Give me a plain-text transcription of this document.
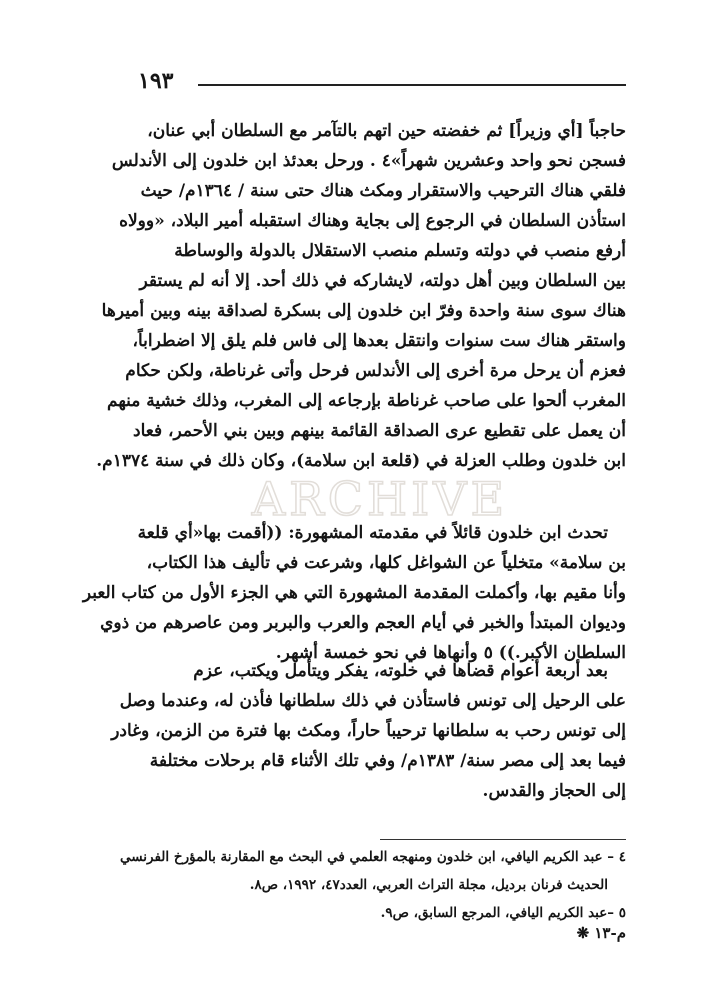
١٩٣
حاجباً [أي وزيراً] ثم خفضته حين اتهم بالتآمر مع السلطان أبي عنان،
فسجن نحو واحد وعشرين شهراً»٤ . ورحل بعدئذ ابن خلدون إلى الأندلس
فلقي هناك الترحيب والاستقرار ومكث هناك حتى سنة / ١٣٦٤م/ حيث
استأذن السلطان في الرجوع إلى بجاية وهناك استقبله أمير البلاد، «وولاه
أرفع منصب في دولته وتسلم منصب الاستقلال بالدولة والوساطة
بين السلطان وبين أهل دولته، لايشاركه في ذلك أحد. إلا أنه لم يستقر
هناك سوى سنة واحدة وفرّ ابن خلدون إلى بسكرة لصداقة بينه وبين أميرها
واستقر هناك ست سنوات وانتقل بعدها إلى فاس فلم يلق إلا اضطراباً،
فعزم أن يرحل مرة أخرى إلى الأندلس فرحل وأتى غرناطة، ولكن حكام
المغرب ألحوا على صاحب غرناطة بإرجاعه إلى المغرب، وذلك خشية منهم
أن يعمل على تقطيع عرى الصداقة القائمة بينهم وبين بني الأحمر، فعاد
ابن خلدون وطلب العزلة في (قلعة ابن سلامة)، وكان ذلك في سنة ١٣٧٤م.
تحدث ابن خلدون قائلاً في مقدمته المشهورة: ((أقمت بها«أي قلعة
بن سلامة» متخلياً عن الشواغل كلها، وشرعت في تأليف هذا الكتاب،
وأنا مقيم بها، وأكملت المقدمة المشهورة التي هي الجزء الأول من كتاب العبر
وديوان المبتدأ والخبر في أيام العجم والعرب والبربر ومن عاصرهم من ذوي
السلطان الأكبر.)) ٥ وأنهاها في نحو خمسة أشهر.
بعد أربعة أعوام قضاها في خلوته، يفكر ويتأمل ويكتب، عزم
على الرحيل إلى تونس فاستأذن في ذلك سلطانها فأذن له، وعندما وصل
إلى تونس رحب به سلطانها ترحيباً حاراً، ومكث بها فترة من الزمن، وغادر
فيما بعد إلى مصر سنة/ ١٣٨٣م/ وفي تلك الأثناء قام برحلات مختلفة
إلى الحجاز والقدس.
٤ – عبد الكريم اليافي، ابن خلدون ومنهجه العلمي في البحث مع المقارنة بالمؤرخ الفرنسي
الحديث فرنان برديل، مجلة التراث العربي، العدد٤٧، ١٩٩٢، ص٨.
٥ –عبد الكريم اليافي، المرجع السابق، ص٩.
م-١٣ ❋
ARCHIVE
